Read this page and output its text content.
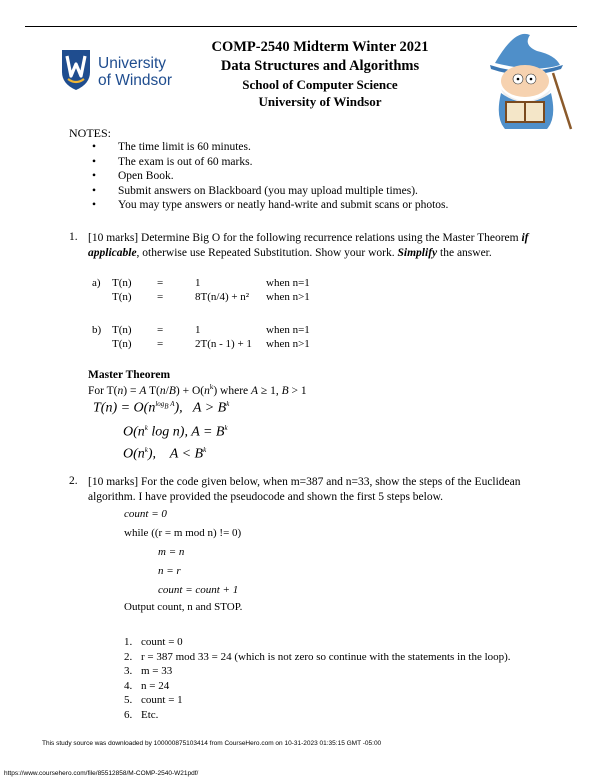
University
of Windsor
COMP-2540 Midterm Winter 2021
Data Structures and Algorithms
School of Computer Science
University of Windsor
NOTES:
• The time limit is 60 minutes.
• The exam is out of 60 marks.
• Open Book.
• Submit answers on Blackboard (you may upload multiple times).
• You may type answers or neatly hand-write and submit scans or photos.
1. [10 marks] Determine Big O for the following recurrence relations using the Master Theorem if applicable, otherwise use Repeated Substitution. Show your work. Simplify the answer.
a) T(n) =	1	when n=1
T(n) =	8T(n/4) + n² when n>1
b) T(n) =	1	when n=1
T(n) =	2T(n - 1) + 1 when n>1
Master Theorem
For T(n) = A $T(n/B) + O(n^k)$ where A ≥ 1, B > 1
$T(n) = O(n^{log_B A})$,   $A > B^k$
$O(n^k$ log n), $A = B^k$
$O(n^k)$,    $A < B^k$
2. [10 marks] For the code given below, when m=387 and n=33, show the steps of the Euclidean algorithm. I have provided the pseudocode and shown the first 5 steps below.
count = 0
while ((r = m mod n) != 0)
m = n
n = r
count = count + 1
Output count, n and STOP.
1. count = 0
2. r = 387 mod 33 = 24 (which is not zero so continue with the statements in the loop).
3. m = 33
4. n = 24
5. count = 1
6. Etc.
This study source was downloaded by 100000875103414 from CourseHero.com on 10-31-2023 01:35:15 GMT -05:00
https://www.coursehero.com/file/85512858/M-COMP-2540-W21pdf/
